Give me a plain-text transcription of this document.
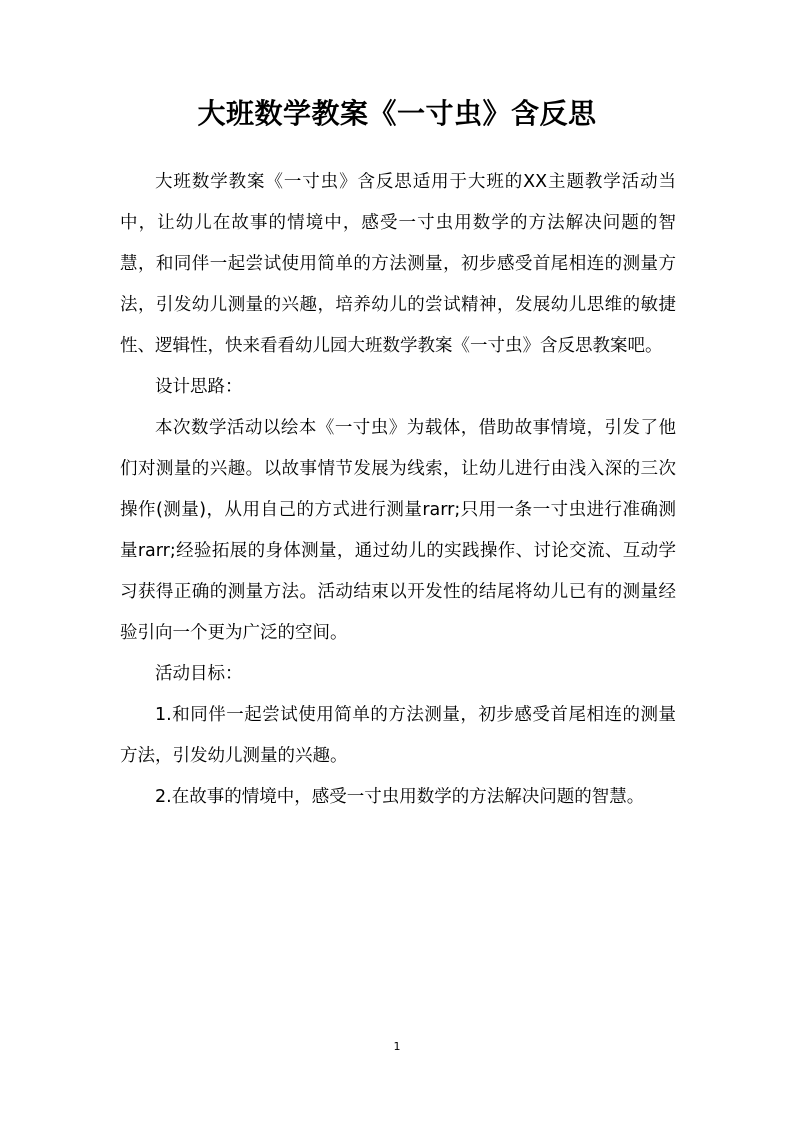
大班数学教案《一寸虫》含反思

大班数学教案《一寸虫》含反思适用于大班的XX主题教学活动当中，让幼儿在故事的情境中，感受一寸虫用数学的方法解决问题的智慧，和同伴一起尝试使用简单的方法测量，初步感受首尾相连的测量方法，引发幼儿测量的兴趣，培养幼儿的尝试精神，发展幼儿思维的敏捷性、逻辑性，快来看看幼儿园大班数学教案《一寸虫》含反思教案吧。

设计思路：

本次数学活动以绘本《一寸虫》为载体，借助故事情境，引发了他们对测量的兴趣。以故事情节发展为线索，让幼儿进行由浅入深的三次操作(测量)，从用自己的方式进行测量rarr;只用一条一寸虫进行准确测量rarr;经验拓展的身体测量，通过幼儿的实践操作、讨论交流、互动学习获得正确的测量方法。活动结束以开发性的结尾将幼儿已有的测量经验引向一个更为广泛的空间。

活动目标：

1.和同伴一起尝试使用简单的方法测量，初步感受首尾相连的测量方法，引发幼儿测量的兴趣。

2.在故事的情境中，感受一寸虫用数学的方法解决问题的智慧。

1
